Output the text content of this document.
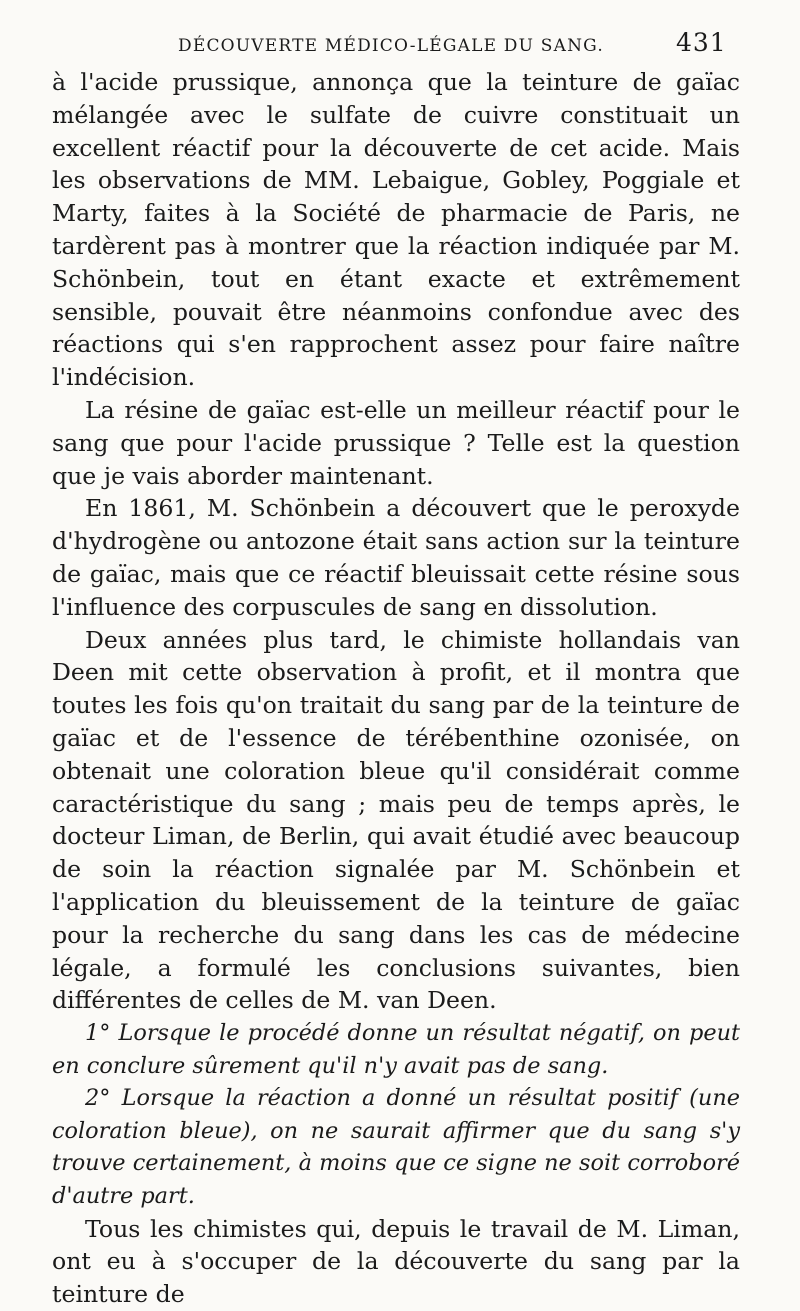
DÉCOUVERTE MÉDICO-LÉGALE DU SANG.	431

à l'acide prussique, annonça que la teinture de gaïac mélangée avec le sulfate de cuivre constituait un excellent réactif pour la découverte de cet acide. Mais les observations de MM. Lebaigue, Gobley, Poggiale et Marty, faites à la Société de pharmacie de Paris, ne tardèrent pas à montrer que la réaction indiquée par M. Schönbein, tout en étant exacte et extrêmement sensible, pouvait être néanmoins confondue avec des réactions qui s'en rapprochent assez pour faire naître l'indécision.

La résine de gaïac est-elle un meilleur réactif pour le sang que pour l'acide prussique ? Telle est la question que je vais aborder maintenant.

En 1861, M. Schönbein a découvert que le peroxyde d'hydrogène ou antozone était sans action sur la teinture de gaïac, mais que ce réactif bleuissait cette résine sous l'influence des corpuscules de sang en dissolution.

Deux années plus tard, le chimiste hollandais van Deen mit cette observation à profit, et il montra que toutes les fois qu'on traitait du sang par de la teinture de gaïac et de l'essence de térébenthine ozonisée, on obtenait une coloration bleue qu'il considérait comme caractéristique du sang ; mais peu de temps après, le docteur Liman, de Berlin, qui avait étudié avec beaucoup de soin la réaction signalée par M. Schönbein et l'application du bleuissement de la teinture de gaïac pour la recherche du sang dans les cas de médecine légale, a formulé les conclusions suivantes, bien différentes de celles de M. van Deen.

1° Lorsque le procédé donne un résultat négatif, on peut en conclure sûrement qu'il n'y avait pas de sang.

2° Lorsque la réaction a donné un résultat positif (une coloration bleue), on ne saurait affirmer que du sang s'y trouve certainement, à moins que ce signe ne soit corroboré d'autre part.

Tous les chimistes qui, depuis le travail de M. Liman, ont eu à s'occuper de la découverte du sang par la teinture de
